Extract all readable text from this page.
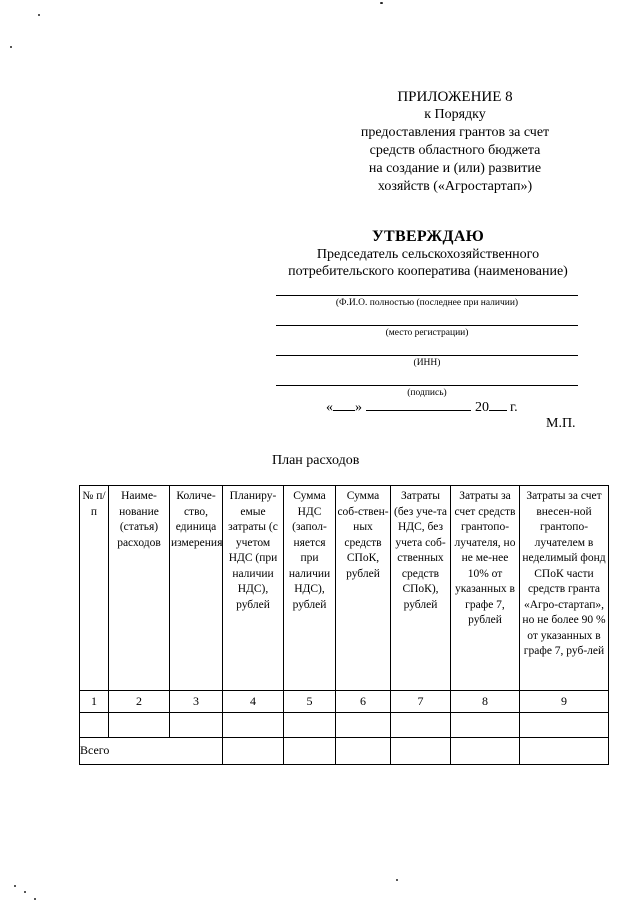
ПРИЛОЖЕНИЕ 8
к Порядку
предоставления грантов за счет
средств областного бюджета
на создание и (или) развитие
хозяйств («Агростартап»)
УТВЕРЖДАЮ
Председатель сельскохозяйственного
потребительского кооператива (наименование)
(Ф.И.О. полностью (последнее при наличии)
(место регистрации)
(ИНН)
(подпись)
« »	20 г.
М.П.
План расходов
№ п/п	Наиме-нование (статья) расходов	Количе-ство, единица измерения	Планиру-емые затраты (с учетом НДС (при наличии НДС), рублей	Сумма НДС (запол-няется при наличии НДС), рублей	Сумма соб-ствен-ных средств СПоК, рублей	Затраты (без уче-та НДС, без учета соб-ственных средств СПоК), рублей	Затраты за счет средств грантопо-лучателя, но не ме-нее 10% от указанных в графе 7, рублей	Затраты за счет внесен-ной грантопо-лучателем в неделимый фонд СПоК части средств гранта «Агро-стартап», но не более 90 % от указанных в графе 7, руб-лей
1	2	3	4	5	6	7	8	9

Всего								
